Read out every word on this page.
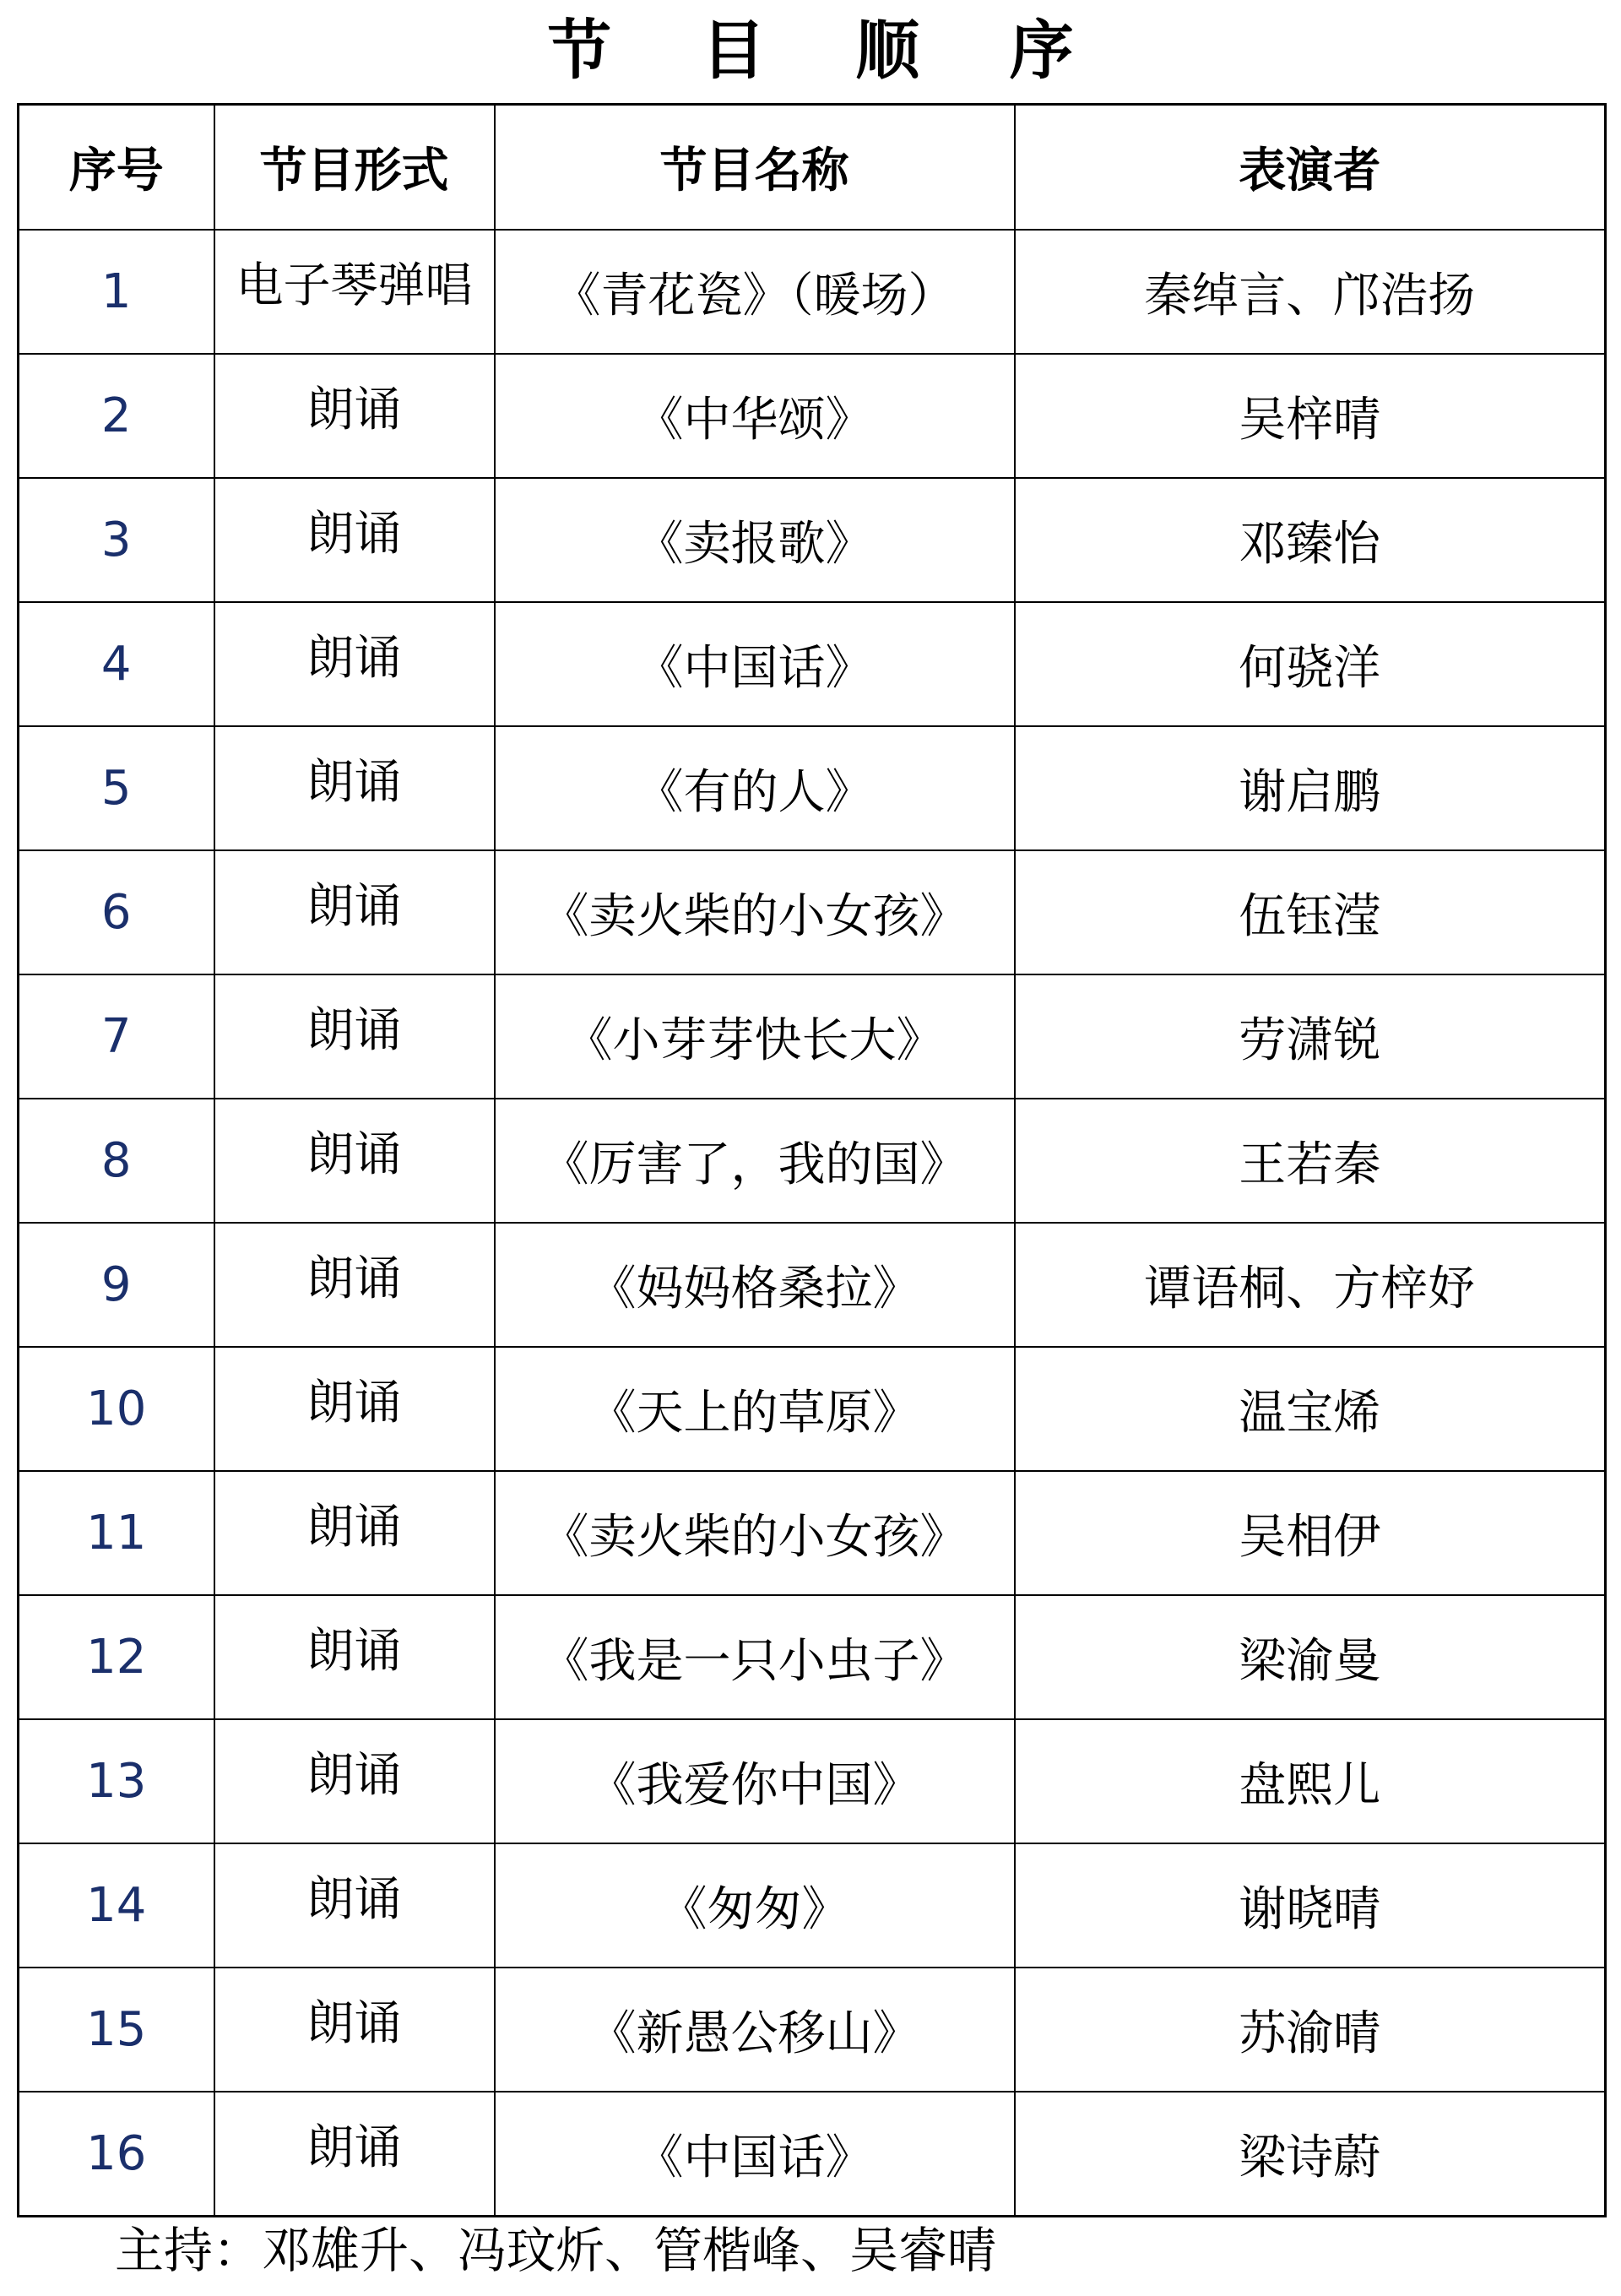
节 目 顺 序
序号	节目形式	节目名称	表演者
1	电子琴弹唱	《青花瓷》（暖场）	秦绰言、邝浩扬
2	朗诵	《中华颂》	吴梓晴
3	朗诵	《卖报歌》	邓臻怡
4	朗诵	《中国话》	何骁洋
5	朗诵	《有的人》	谢启鹏
6	朗诵	《卖火柴的小女孩》	伍钰滢
7	朗诵	《小芽芽快长大》	劳潇锐
8	朗诵	《厉害了，我的国》	王若秦
9	朗诵	《妈妈格桑拉》	谭语桐、方梓妤
10	朗诵	《天上的草原》	温宝烯
11	朗诵	《卖火柴的小女孩》	吴相伊
12	朗诵	《我是一只小虫子》	梁渝曼
13	朗诵	《我爱你中国》	盘熙儿
14	朗诵	《匆匆》	谢晓晴
15	朗诵	《新愚公移山》	苏渝晴
16	朗诵	《中国话》	梁诗蔚
主持：邓雄升、冯玟炘、管楷峰、吴睿晴
